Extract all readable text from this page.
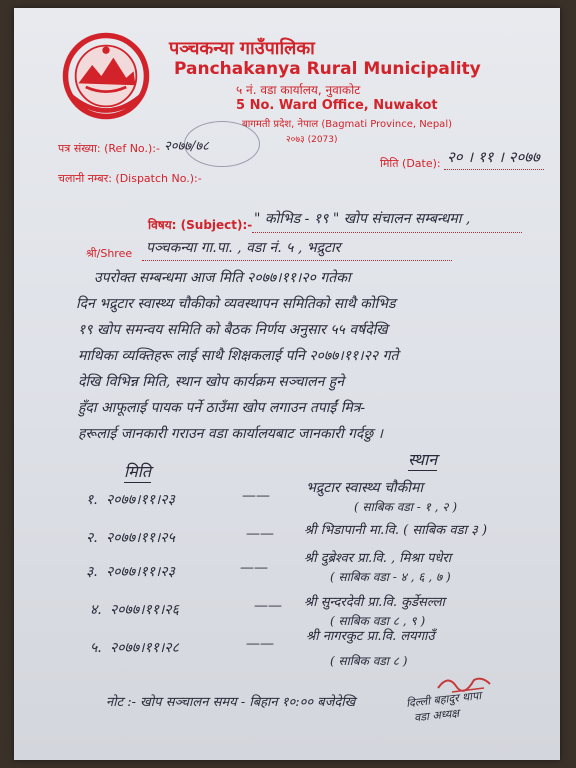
पञ्चकन्या गाउँपालिका
Panchakanya Rural Municipality
५ नं. वडा कार्यालय, नुवाकोट
5 No. Ward Office, Nuwakot
बागमती प्रदेश, नेपाल (Bagmati Province, Nepal)
२०७३ (2073)
पत्र संख्या: (Ref No.):- २०७७/७८
चलानी नम्बर: (Dispatch No.):-
मिति (Date): २० । ११ । २०७७
विषय: (Subject):- " कोभिड - १९ " खोप संचालन सम्बन्धमा ,
श्री/Shree पञ्चकन्या गा.पा. , वडा नं. ५ , भद्रुटार
उपरोक्त सम्बन्धमा आज मिति २०७७।११।२० गतेका
दिन भद्रुटार स्वास्थ्य चौकीको व्यवस्थापन समितिको साथै कोभिड
१९ खोप समन्वय समिति को बैठक निर्णय अनुसार ५५ वर्षदेखि
माथिका व्यक्तिहरू लाई साथै शिक्षकलाई पनि २०७७।११।२२ गते
देखि विभिन्न मिति, स्थान खोप कार्यक्रम सञ्चालन हुने
हुँदा आफूलाई पायक पर्ने ठाउँमा खोप लगाउन तपाईं मित्र-
हरूलाई जानकारी गराउन वडा कार्यालयबाट जानकारी गर्दछु ।
मिति
स्थान
१. २०७७।११।२३	——	भद्रुटार स्वास्थ्य चौकीमा
( साबिक वडा - १ , २ )
२. २०७७।११।२५	—— श्री भिडापानी मा.वि. ( साबिक वडा ३ )
३. २०७७।११।२३	——
श्री दुब्रेश्वर प्रा.वि. , मिश्रा पधेरा
( साबिक वडा - ४ , ६ , ७ )
४. २०७७।११।२६	—— श्री सुन्दरदेवी प्रा.वि. कुर्डेसल्ला
( साबिक वडा ८ , ९ )
५. २०७७।११।२८	—— श्री नागरकुट प्रा.वि. लयगाउँ
( साबिक वडा ८ )
नोट :- खोप सञ्चालन समय - बिहान १०:०० बजेदेखि	दिल्ली बहादुर थापा
वडा अध्यक्ष
